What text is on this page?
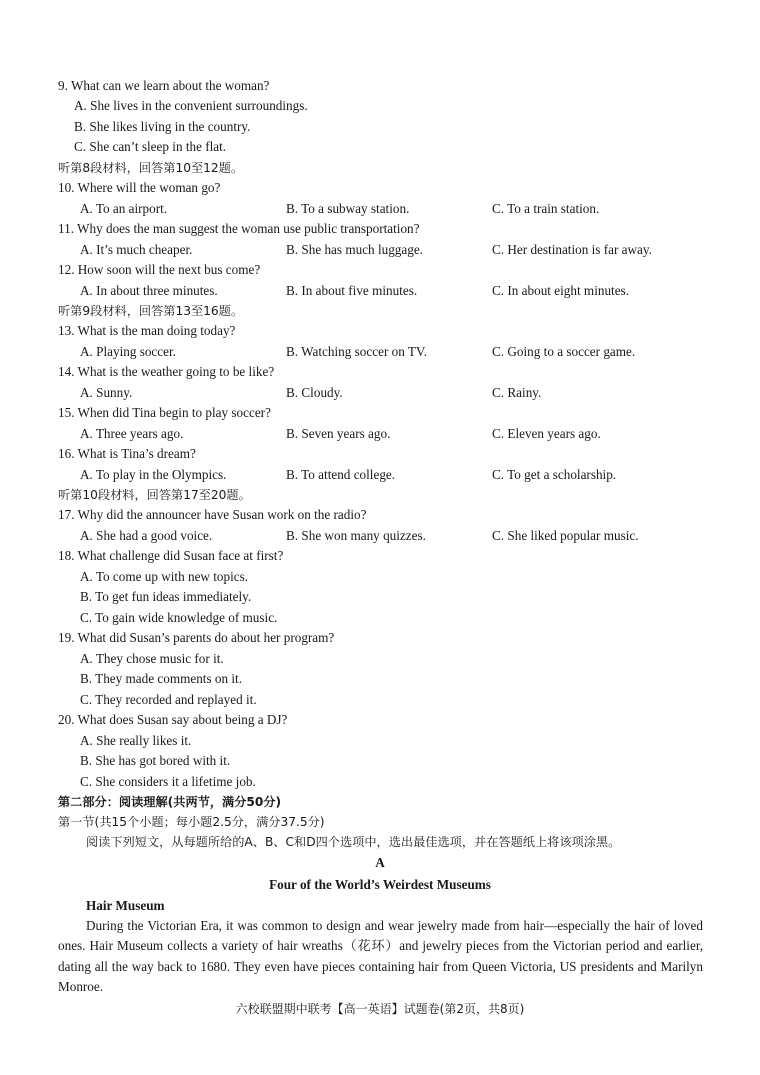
9. What can we learn about the woman?
A. She lives in the convenient surroundings.
B. She likes living in the country.
C. She can’t sleep in the flat.
听第8段材料，回答第10至12题。
10. Where will the woman go?
A. To an airport.	B. To a subway station.	C. To a train station.
11. Why does the man suggest the woman use public transportation?
A. It’s much cheaper.	B. She has much luggage.	C. Her destination is far away.
12. How soon will the next bus come?
A. In about three minutes.	B. In about five minutes.	C. In about eight minutes.
听第9段材料，回答第13至16题。
13. What is the man doing today?
A. Playing soccer.	B. Watching soccer on TV.	C. Going to a soccer game.
14. What is the weather going to be like?
A. Sunny.	B. Cloudy.	C. Rainy.
15. When did Tina begin to play soccer?
A. Three years ago.	B. Seven years ago.	C. Eleven years ago.
16. What is Tina’s dream?
A. To play in the Olympics.	B. To attend college.	C. To get a scholarship.
听第10段材料，回答第17至20题。
17. Why did the announcer have Susan work on the radio?
A. She had a good voice.	B. She won many quizzes.	C. She liked popular music.
18. What challenge did Susan face at first?
A. To come up with new topics.
B. To get fun ideas immediately.
C. To gain wide knowledge of music.
19. What did Susan’s parents do about her program?
A. They chose music for it.
B. They made comments on it.
C. They recorded and replayed it.
20. What does Susan say about being a DJ?
A. She really likes it.
B. She has got bored with it.
C. She considers it a lifetime job.
第二部分：阅读理解(共两节，满分50分)
第一节(共15个小题；每小题2.5分，满分37.5分)
阅读下列短文，从每题所给的A、B、C和D四个选项中，选出最佳选项，并在答题纸上将该项涂黑。
A
Four of the World’s Weirdest Museums
Hair Museum
During the Victorian Era, it was common to design and wear jewelry made from hair—especially the hair of loved ones. Hair Museum collects a variety of hair wreaths（花环）and jewelry pieces from the Victorian period and earlier, dating all the way back to 1680. They even have pieces containing hair from Queen Victoria, US presidents and Marilyn Monroe.
六校联盟期中联考【高一英语】试题卷(第2页，共8页)
